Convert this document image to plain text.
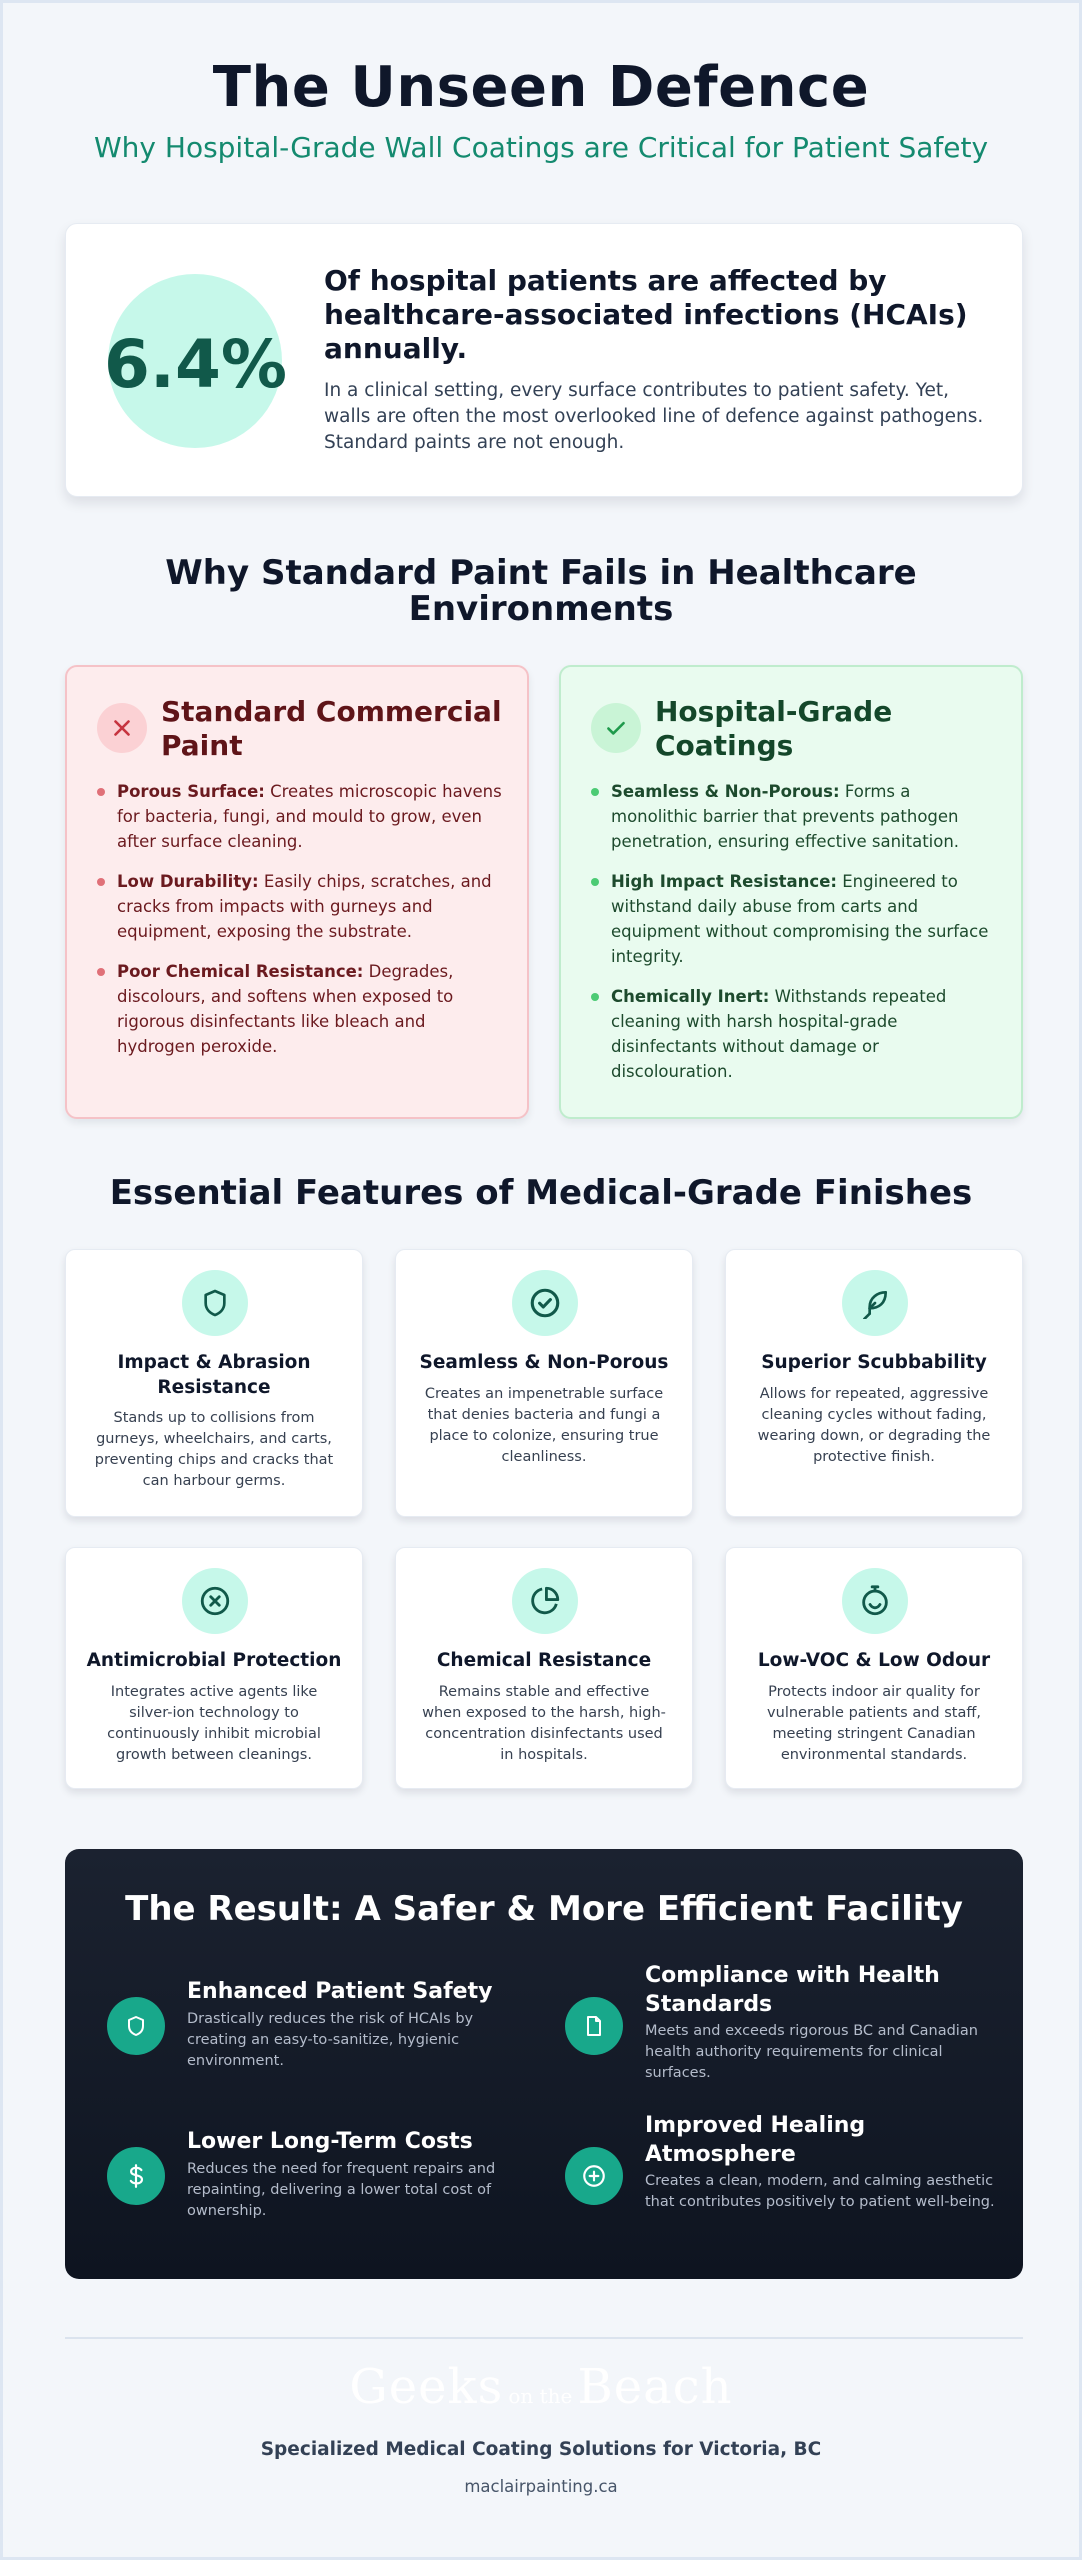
The Unseen Defence
Why Hospital-Grade Wall Coatings are Critical for Patient Safety
6.4%
Of hospital patients are affected by healthcare-associated infections (HCAIs) annually.
In a clinical setting, every surface contributes to patient safety. Yet, walls are often the most overlooked line of defence against pathogens. Standard paints are not enough.
Why Standard Paint Fails in Healthcare Environments
Standard Commercial Paint
Porous Surface: Creates microscopic havens for bacteria, fungi, and mould to grow, even after surface cleaning.
Low Durability: Easily chips, scratches, and cracks from impacts with gurneys and equipment, exposing the substrate.
Poor Chemical Resistance: Degrades, discolours, and softens when exposed to rigorous disinfectants like bleach and hydrogen peroxide.
Hospital-Grade Coatings
Seamless & Non-Porous: Forms a monolithic barrier that prevents pathogen penetration, ensuring effective sanitation.
High Impact Resistance: Engineered to withstand daily abuse from carts and equipment without compromising the surface integrity.
Chemically Inert: Withstands repeated cleaning with harsh hospital-grade disinfectants without damage or discolouration.
Essential Features of Medical-Grade Finishes
Impact & Abrasion Resistance
Stands up to collisions from gurneys, wheelchairs, and carts, preventing chips and cracks that can harbour germs.
Seamless & Non-Porous
Creates an impenetrable surface that denies bacteria and fungi a place to colonize, ensuring true cleanliness.
Superior Scubbability
Allows for repeated, aggressive cleaning cycles without fading, wearing down, or degrading the protective finish.
Antimicrobial Protection
Integrates active agents like silver-ion technology to continuously inhibit microbial growth between cleanings.
Chemical Resistance
Remains stable and effective when exposed to the harsh, high-concentration disinfectants used in hospitals.
Low-VOC & Low Odour
Protects indoor air quality for vulnerable patients and staff, meeting stringent Canadian environmental standards.
The Result: A Safer & More Efficient Facility
Enhanced Patient Safety
Drastically reduces the risk of HCAIs by creating an easy-to-sanitize, hygienic environment.
Compliance with Health Standards
Meets and exceeds rigorous BC and Canadian health authority requirements for clinical surfaces.
Lower Long-Term Costs
Reduces the need for frequent repairs and repainting, delivering a lower total cost of ownership.
Improved Healing Atmosphere
Creates a clean, modern, and calming aesthetic that contributes positively to patient well-being.
Geeks on the Beach
Specialized Medical Coating Solutions for Victoria, BC
maclairpainting.ca
